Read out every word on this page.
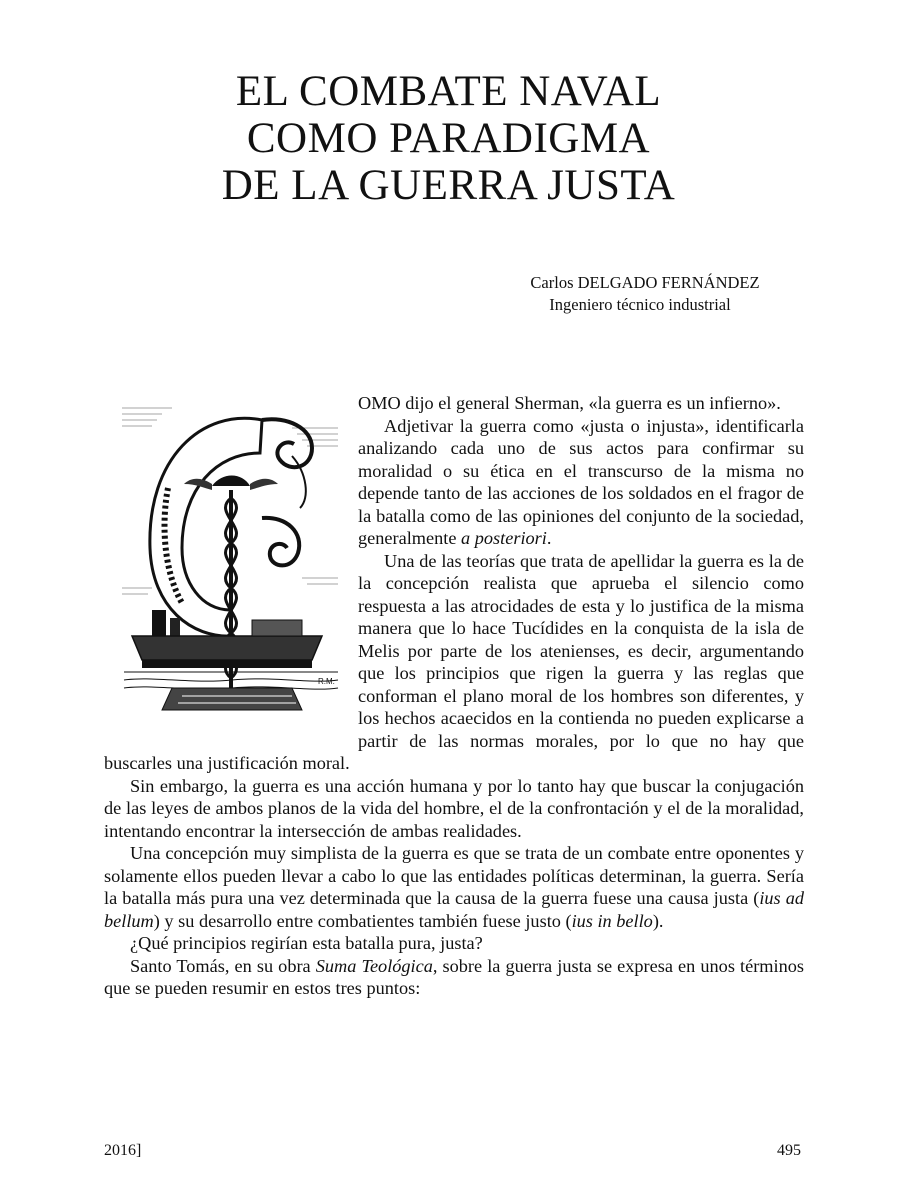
EL COMBATE NAVAL
COMO PARADIGMA
DE LA GUERRA JUSTA
Carlos DELGADO FERNÁNDEZ
Ingeniero técnico industrial
R.M.

OMO dijo el general Sherman, «la guerra es un infierno».

Adjetivar la guerra como «justa o injusta», identificarla analizando cada uno de sus actos para confirmar su moralidad o su ética en el transcurso de la misma no depende tanto de las acciones de los soldados en el fragor de la batalla como de las opiniones del conjunto de la sociedad, generalmente a posteriori.

Una de las teorías que trata de apellidar la guerra es la de la concepción realista que aprueba el silencio como respuesta a las atrocidades de esta y lo justifica de la misma manera que lo hace Tucídides en la conquista de la isla de Melis por parte de los atenienses, es decir, argumentando que los principios que rigen la guerra y las reglas que conforman el plano moral de los hombres son diferentes, y los hechos acaecidos en la contienda no pueden explicarse a partir de las normas morales, por lo que no hay que buscarles una justificación moral.

Sin embargo, la guerra es una acción humana y por lo tanto hay que buscar la conjugación de las leyes de ambos planos de la vida del hombre, el de la confrontación y el de la moralidad, intentando encontrar la intersección de ambas realidades.

Una concepción muy simplista de la guerra es que se trata de un combate entre oponentes y solamente ellos pueden llevar a cabo lo que las entidades políticas determinan, la guerra. Sería la batalla más pura una vez determinada que la causa de la guerra fuese una causa justa (ius ad bellum) y su desarrollo entre combatientes también fuese justo (ius in bello).

¿Qué principios regirían esta batalla pura, justa?

Santo Tomás, en su obra Suma Teológica, sobre la guerra justa se expresa en unos términos que se pueden resumir en estos tres puntos:

2016]	495
